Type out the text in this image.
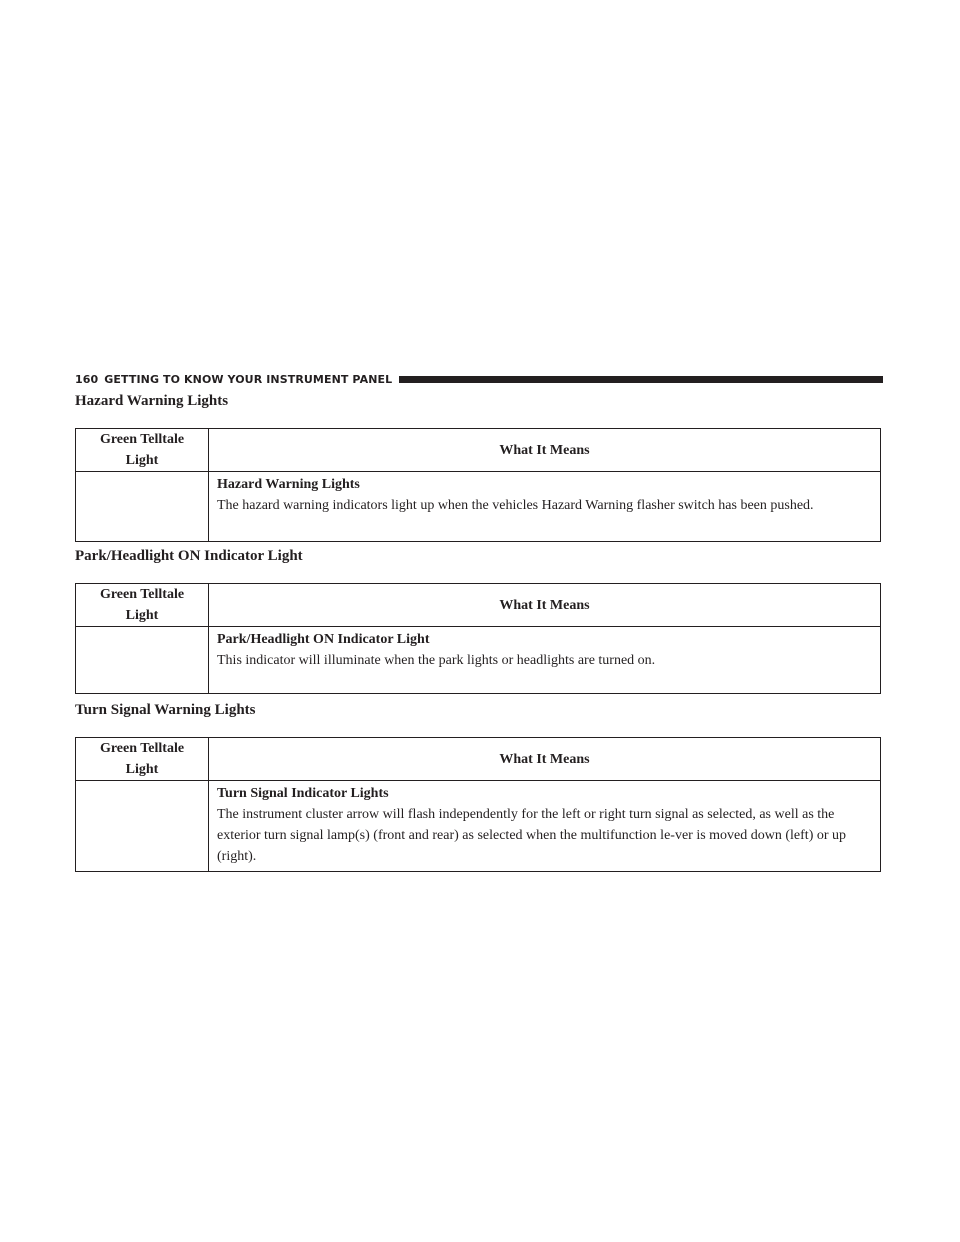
160 GETTING TO KNOW YOUR INSTRUMENT PANEL
Hazard Warning Lights
Green Telltale
Light	What It Means

	Hazard Warning Lights
The hazard warning indicators light up when the vehicles Hazard Warning flasher switch has been pushed.
Park/Headlight ON Indicator Light
Green Telltale
Light	What It Means

	Park/Headlight ON Indicator Light
This indicator will illuminate when the park lights or headlights are turned on.
Turn Signal Warning Lights
Green Telltale
Light	What It Means

	Turn Signal Indicator Lights
The instrument cluster arrow will flash independently for the left or right turn signal as selected, as well as the exterior turn signal lamp(s) (front and rear) as selected when the multifunction le-ver is moved down (left) or up (right).
